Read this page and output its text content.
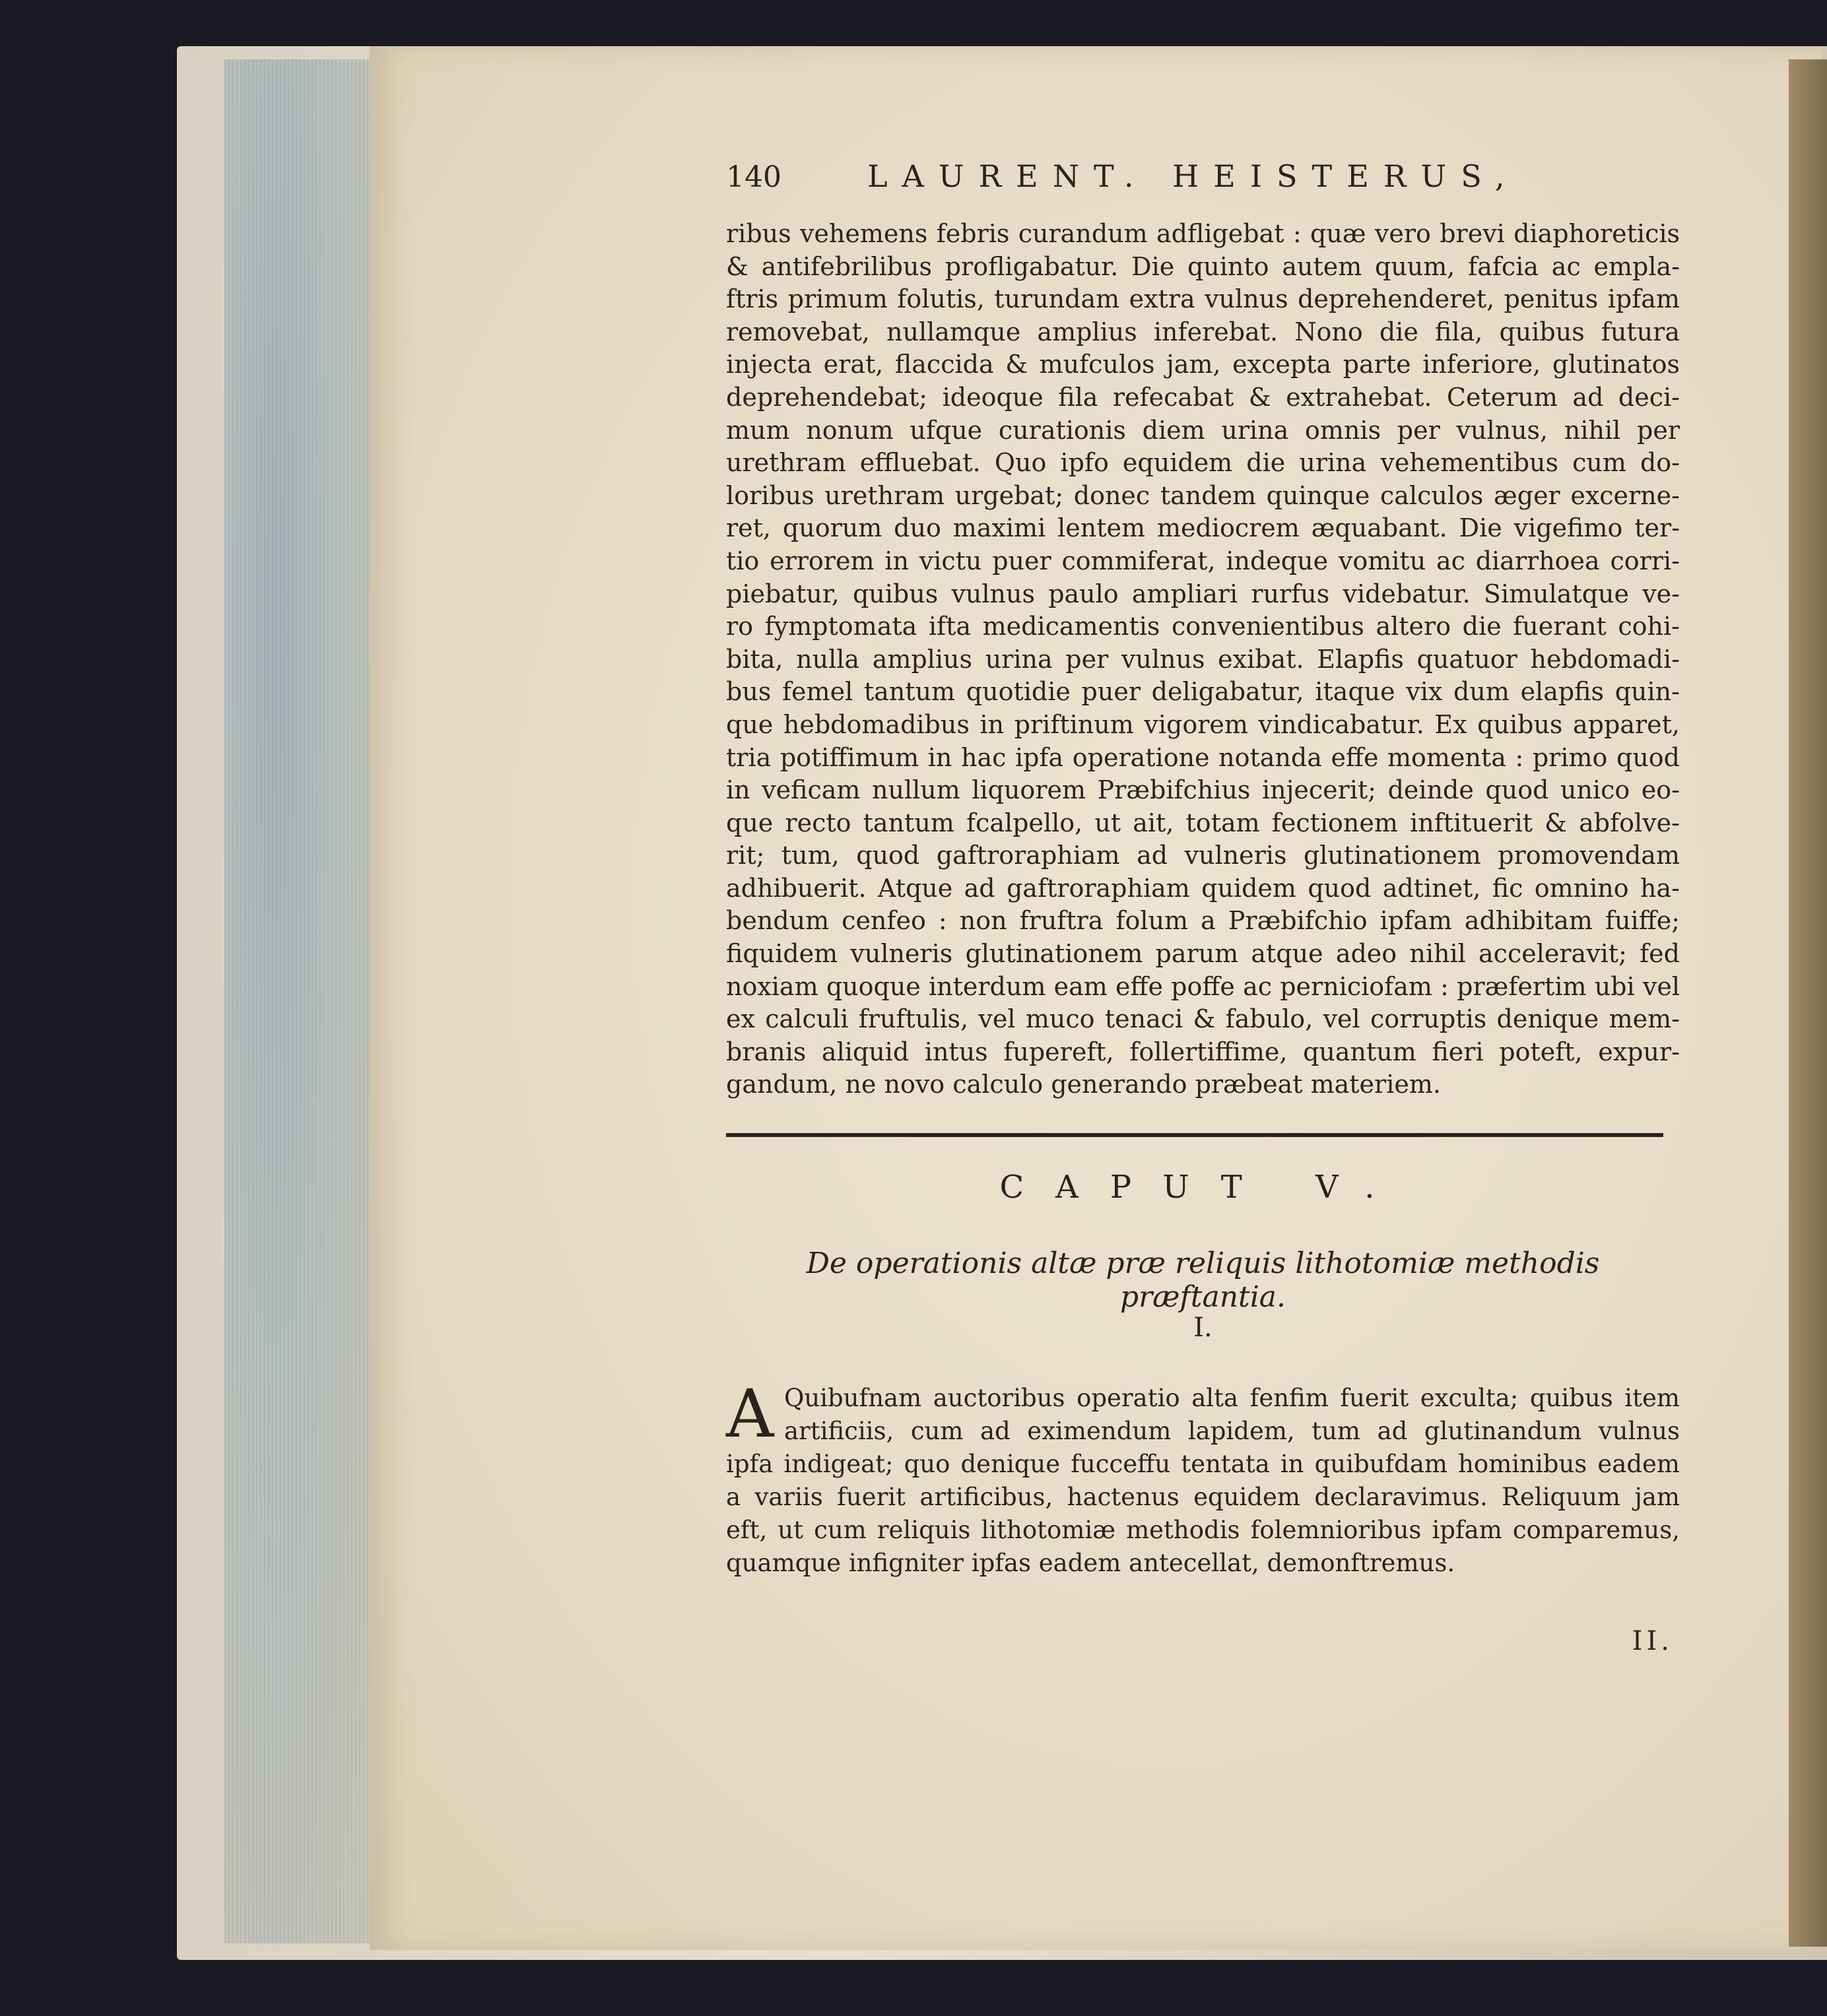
140	LAURENT. HEISTERUS,
ribus vehemens febris curandum adfligebat : quæ vero brevi diaphoreticis
& antifebrilibus profligabatur. Die quinto autem quum, fafcia ac empla-
ftris primum folutis, turundam extra vulnus deprehenderet, penitus ipfam
removebat, nullamque amplius inferebat. Nono die fila, quibus futura
injecta erat, flaccida & mufculos jam, excepta parte inferiore, glutinatos
deprehendebat; ideoque fila refecabat & extrahebat. Ceterum ad deci-
mum nonum ufque curationis diem urina omnis per vulnus, nihil per
urethram effluebat. Quo ipfo equidem die urina vehementibus cum do-
loribus urethram urgebat; donec tandem quinque calculos æger excerne-
ret, quorum duo maximi lentem mediocrem æquabant. Die vigefimo ter-
tio errorem in victu puer commiferat, indeque vomitu ac diarrhoea corri-
piebatur, quibus vulnus paulo ampliari rurfus videbatur. Simulatque ve-
ro fymptomata ifta medicamentis convenientibus altero die fuerant cohi-
bita, nulla amplius urina per vulnus exibat. Elapfis quatuor hebdomadi-
bus femel tantum quotidie puer deligabatur, itaque vix dum elapfis quin-
que hebdomadibus in priftinum vigorem vindicabatur. Ex quibus apparet,
tria potiffimum in hac ipfa operatione notanda effe momenta : primo quod
in veficam nullum liquorem Præbifchius injecerit; deinde quod unico eo-
que recto tantum fcalpello, ut ait, totam fectionem inftituerit & abfolve-
rit; tum, quod gaftroraphiam ad vulneris glutinationem promovendam
adhibuerit. Atque ad gaftroraphiam quidem quod adtinet, fic omnino ha-
bendum cenfeo : non fruftra folum a Præbifchio ipfam adhibitam fuiffe;
fiquidem vulneris glutinationem parum atque adeo nihil acceleravit; fed
noxiam quoque interdum eam effe poffe ac perniciofam : præfertim ubi vel
ex calculi fruftulis, vel muco tenaci & fabulo, vel corruptis denique mem-
branis aliquid intus fupereft, follertiffime, quantum fieri poteft, expur-
gandum, ne novo calculo generando præbeat materiem.
CAPUT V.
De operationis altæ præ reliquis lithotomiæ methodis præftantia.
I.
A Quibufnam auctoribus operatio alta fenfim fuerit exculta; quibus item
artificiis, cum ad eximendum lapidem, tum ad glutinandum vulnus
ipfa indigeat; quo denique fucceffu tentata in quibufdam hominibus eadem
a variis fuerit artificibus, hactenus equidem declaravimus. Reliquum jam
eft, ut cum reliquis lithotomiæ methodis folemnioribus ipfam comparemus,
quamque infigniter ipfas eadem antecellat, demonftremus.
II.
